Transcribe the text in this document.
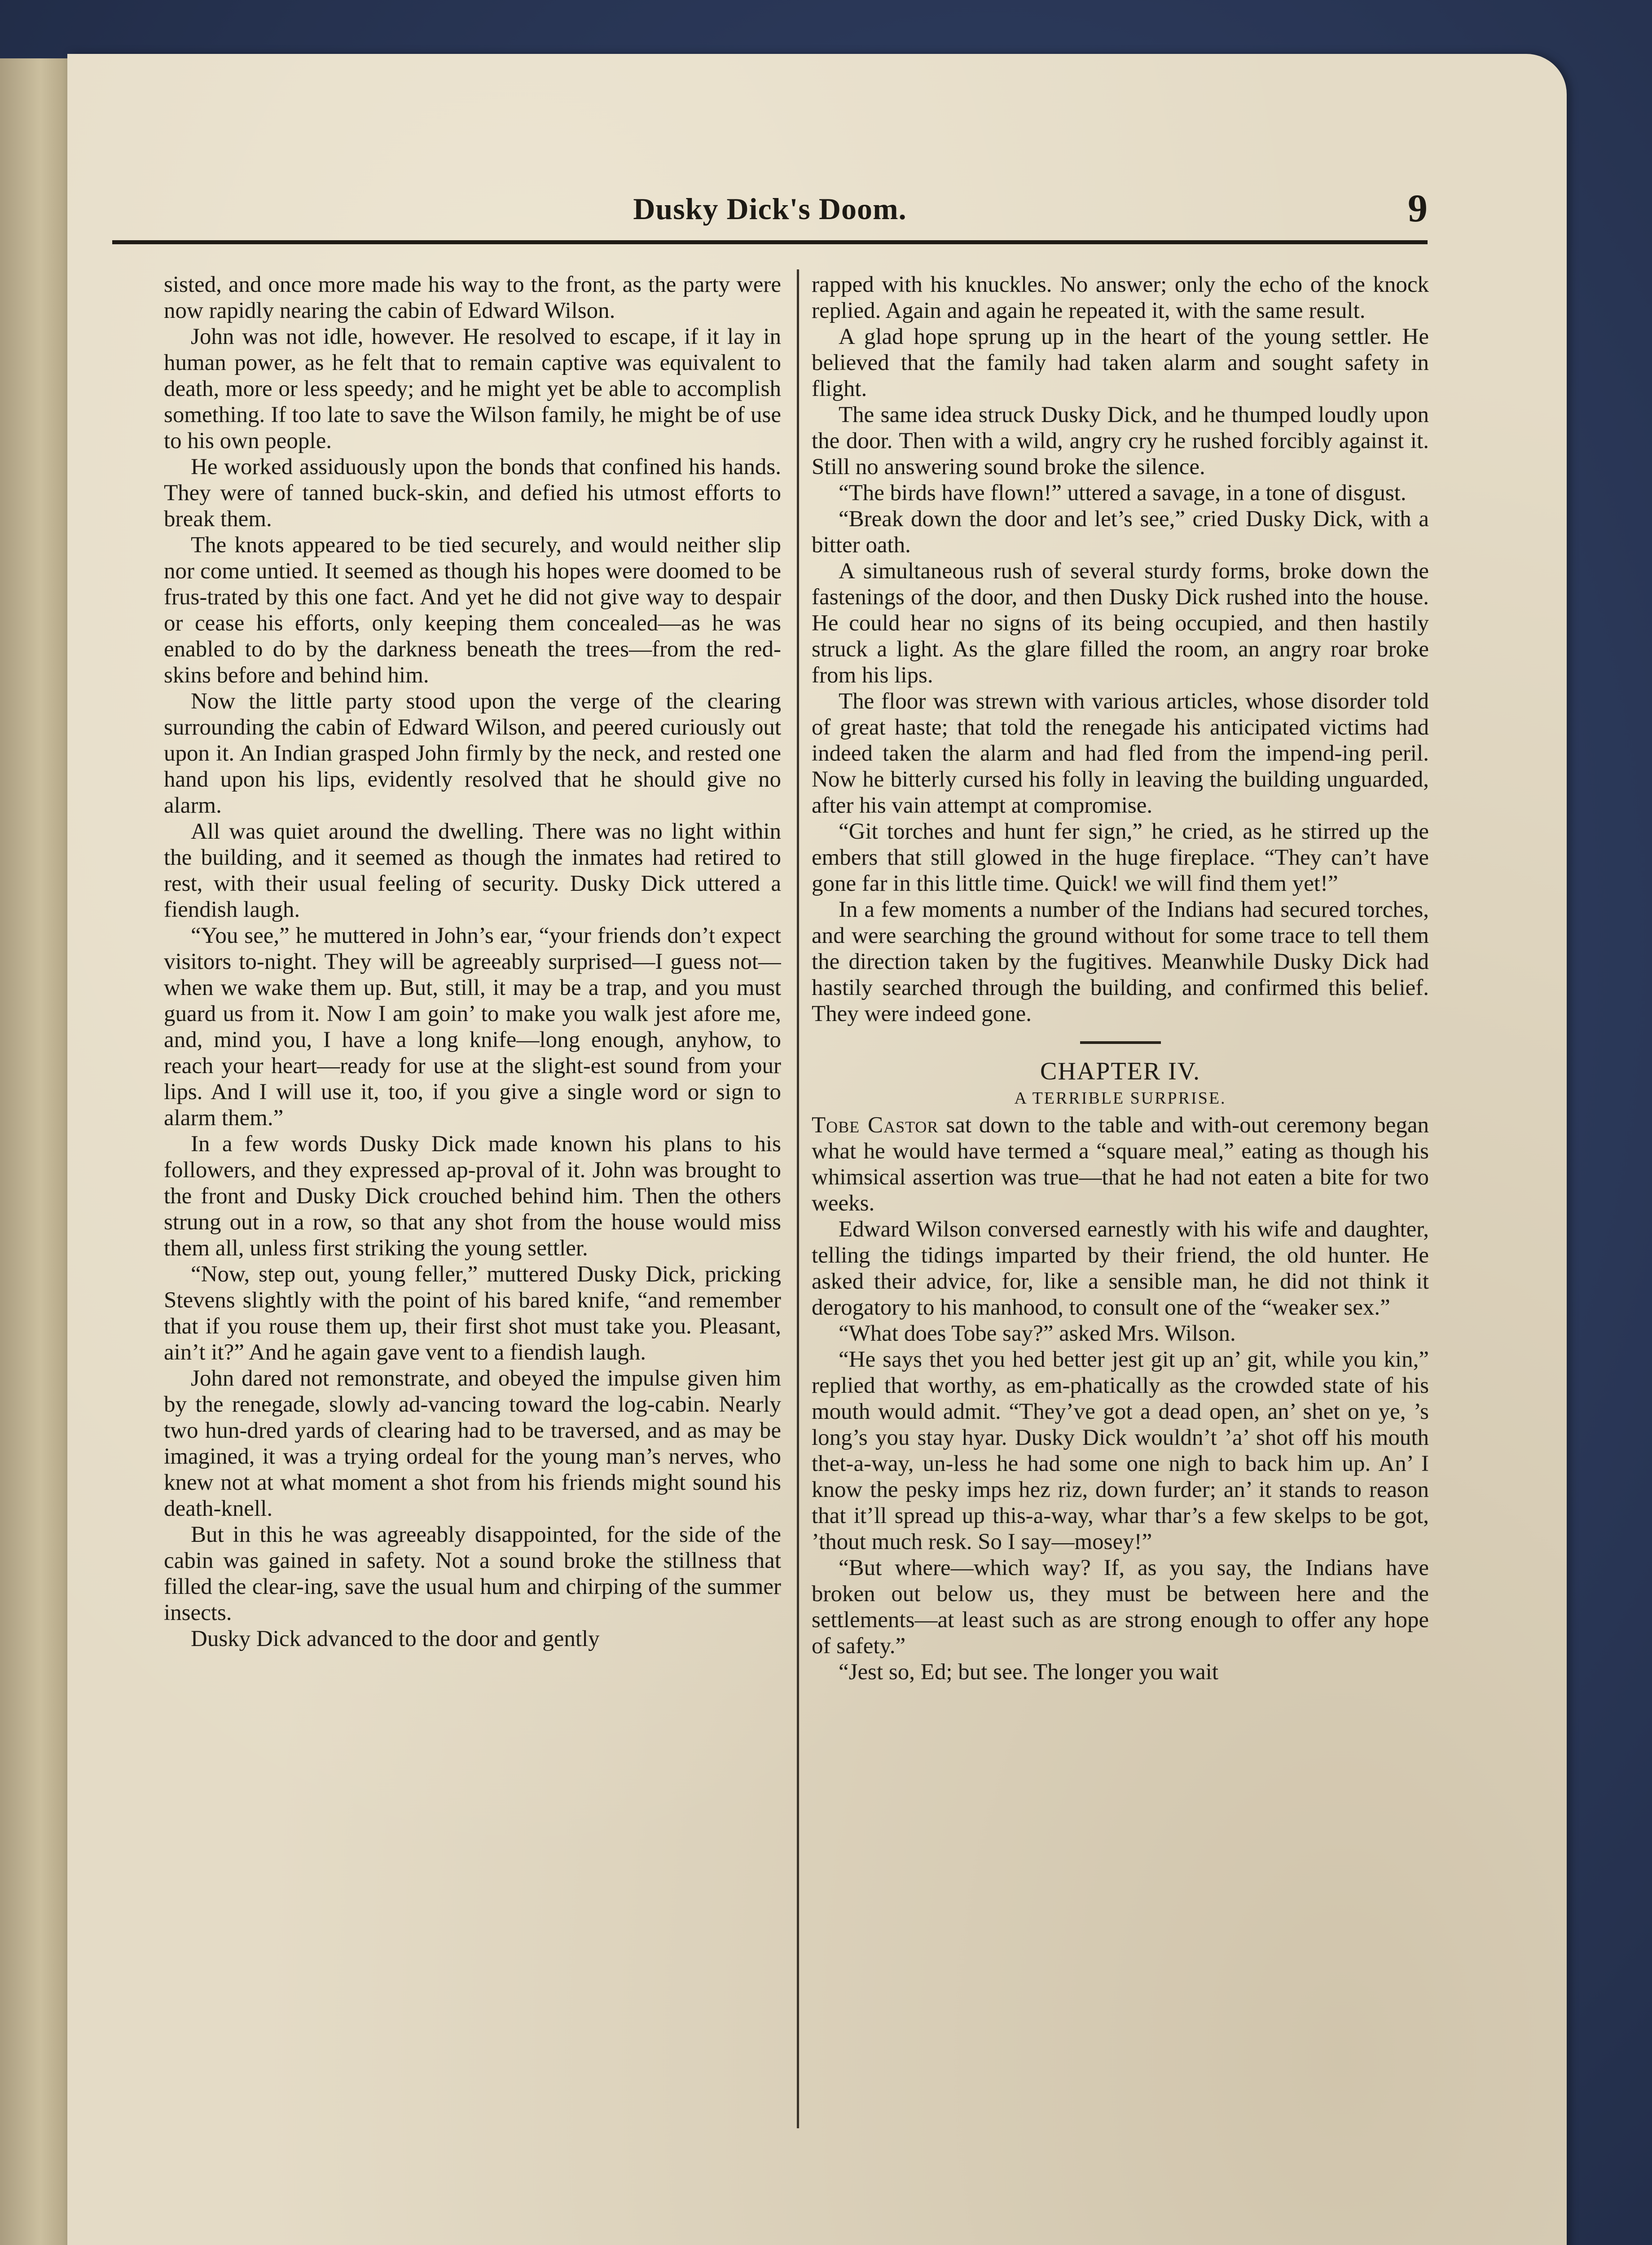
Dusky Dick's Doom.	9

sisted, and once more made his way to the front, as the party were now rapidly nearing the cabin of Edward Wilson.

John was not idle, however. He resolved to escape, if it lay in human power, as he felt that to remain captive was equivalent to death, more or less speedy; and he might yet be able to accomplish something. If too late to save the Wilson family, he might be of use to his own people.

He worked assiduously upon the bonds that confined his hands. They were of tanned buck-skin, and defied his utmost efforts to break them.

The knots appeared to be tied securely, and would neither slip nor come untied. It seemed as though his hopes were doomed to be frus-trated by this one fact. And yet he did not give way to despair or cease his efforts, only keeping them concealed—as he was enabled to do by the darkness beneath the trees—from the red-skins before and behind him.

Now the little party stood upon the verge of the clearing surrounding the cabin of Edward Wilson, and peered curiously out upon it. An Indian grasped John firmly by the neck, and rested one hand upon his lips, evidently resolved that he should give no alarm.

All was quiet around the dwelling. There was no light within the building, and it seemed as though the inmates had retired to rest, with their usual feeling of security. Dusky Dick uttered a fiendish laugh.

“You see,” he muttered in John’s ear, “your friends don’t expect visitors to-night. They will be agreeably surprised—I guess not—when we wake them up. But, still, it may be a trap, and you must guard us from it. Now I am goin’ to make you walk jest afore me, and, mind you, I have a long knife—long enough, anyhow, to reach your heart—ready for use at the slight-est sound from your lips. And I will use it, too, if you give a single word or sign to alarm them.”

In a few words Dusky Dick made known his plans to his followers, and they expressed ap-proval of it. John was brought to the front and Dusky Dick crouched behind him. Then the others strung out in a row, so that any shot from the house would miss them all, unless first striking the young settler.

“Now, step out, young feller,” muttered Dusky Dick, pricking Stevens slightly with the point of his bared knife, “and remember that if you rouse them up, their first shot must take you. Pleasant, ain’t it?” And he again gave vent to a fiendish laugh.

John dared not remonstrate, and obeyed the impulse given him by the renegade, slowly ad-vancing toward the log-cabin. Nearly two hun-dred yards of clearing had to be traversed, and as may be imagined, it was a trying ordeal for the young man’s nerves, who knew not at what moment a shot from his friends might sound his death-knell.

But in this he was agreeably disappointed, for the side of the cabin was gained in safety. Not a sound broke the stillness that filled the clear-ing, save the usual hum and chirping of the summer insects.

Dusky Dick advanced to the door and gently

rapped with his knuckles. No answer; only the echo of the knock replied. Again and again he repeated it, with the same result.

A glad hope sprung up in the heart of the young settler. He believed that the family had taken alarm and sought safety in flight.

The same idea struck Dusky Dick, and he thumped loudly upon the door. Then with a wild, angry cry he rushed forcibly against it. Still no answering sound broke the silence.

“The birds have flown!” uttered a savage, in a tone of disgust.

“Break down the door and let’s see,” cried Dusky Dick, with a bitter oath.

A simultaneous rush of several sturdy forms, broke down the fastenings of the door, and then Dusky Dick rushed into the house. He could hear no signs of its being occupied, and then hastily struck a light. As the glare filled the room, an angry roar broke from his lips.

The floor was strewn with various articles, whose disorder told of great haste; that told the renegade his anticipated victims had indeed taken the alarm and had fled from the impend-ing peril. Now he bitterly cursed his folly in leaving the building unguarded, after his vain attempt at compromise.

“Git torches and hunt fer sign,” he cried, as he stirred up the embers that still glowed in the huge fireplace. “They can’t have gone far in this little time. Quick! we will find them yet!”

In a few moments a number of the Indians had secured torches, and were searching the ground without for some trace to tell them the direction taken by the fugitives. Meanwhile Dusky Dick had hastily searched through the building, and confirmed this belief. They were indeed gone.

CHAPTER IV.
A TERRIBLE SURPRISE.

Tobe Castor sat down to the table and with-out ceremony began what he would have termed a “square meal,” eating as though his whimsical assertion was true—that he had not eaten a bite for two weeks.

Edward Wilson conversed earnestly with his wife and daughter, telling the tidings imparted by their friend, the old hunter. He asked their advice, for, like a sensible man, he did not think it derogatory to his manhood, to consult one of the “weaker sex.”

“What does Tobe say?” asked Mrs. Wilson.

“He says thet you hed better jest git up an’ git, while you kin,” replied that worthy, as em-phatically as the crowded state of his mouth would admit. “They’ve got a dead open, an’ shet on ye, ’s long’s you stay hyar. Dusky Dick wouldn’t ’a’ shot off his mouth thet-a-way, un-less he had some one nigh to back him up. An’ I know the pesky imps hez riz, down furder; an’ it stands to reason that it’ll spread up this-a-way, whar thar’s a few skelps to be got, ’thout much resk. So I say—mosey!”

“But where—which way? If, as you say, the Indians have broken out below us, they must be between here and the settlements—at least such as are strong enough to offer any hope of safety.”

“Jest so, Ed; but see. The longer you wait
